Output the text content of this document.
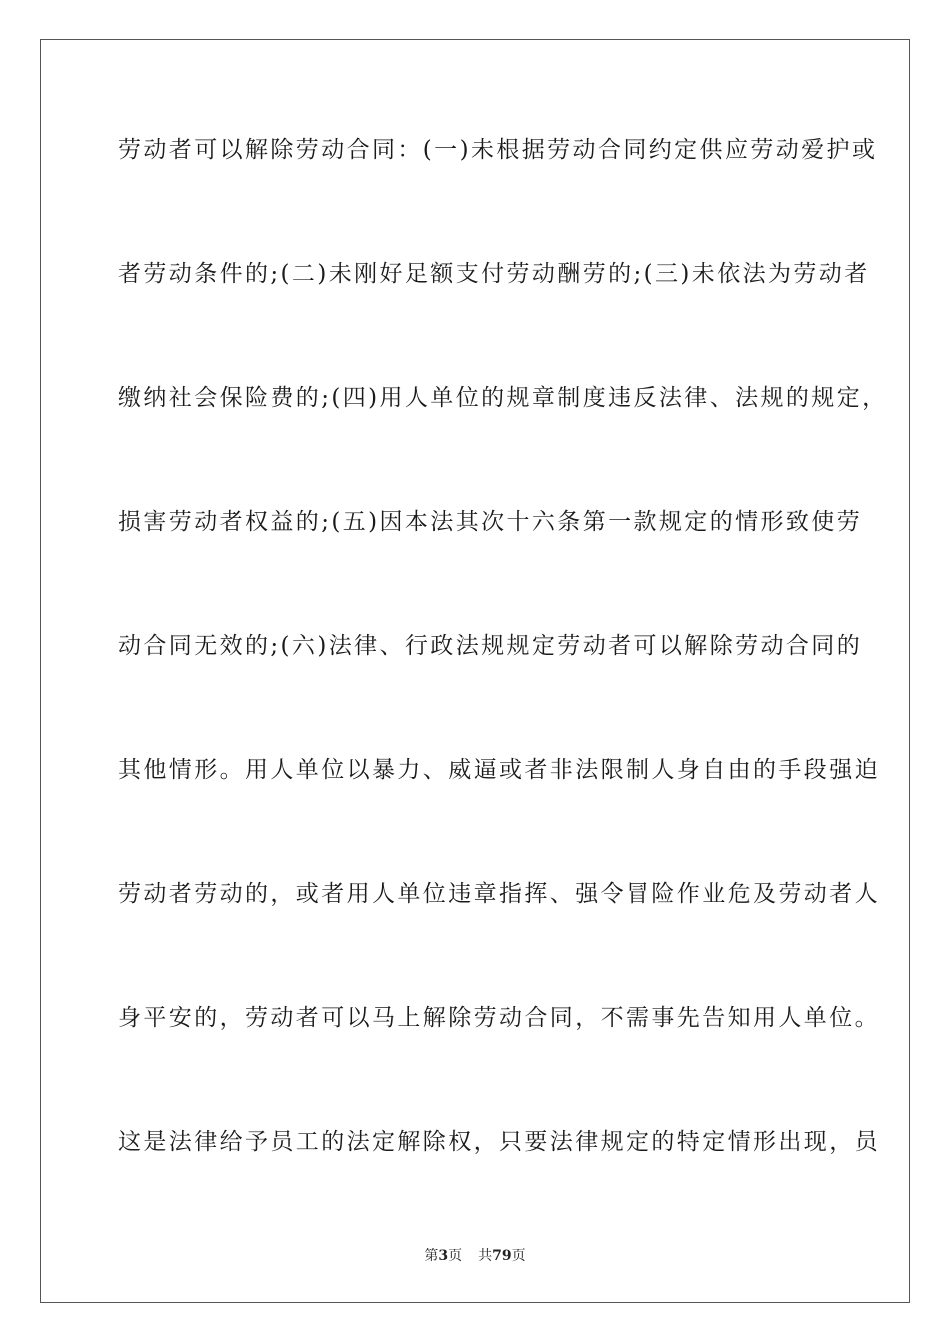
劳动者可以解除劳动合同：(一)未根据劳动合同约定供应劳动爱护或
者劳动条件的;(二)未刚好足额支付劳动酬劳的;(三)未依法为劳动者
缴纳社会保险费的;(四)用人单位的规章制度违反法律、法规的规定，
损害劳动者权益的;(五)因本法其次十六条第一款规定的情形致使劳
动合同无效的;(六)法律、行政法规规定劳动者可以解除劳动合同的
其他情形。用人单位以暴力、威逼或者非法限制人身自由的手段强迫
劳动者劳动的，或者用人单位违章指挥、强令冒险作业危及劳动者人
身平安的，劳动者可以马上解除劳动合同，不需事先告知用人单位。
这是法律给予员工的法定解除权，只要法律规定的特定情形出现，员
第3页 共79页
